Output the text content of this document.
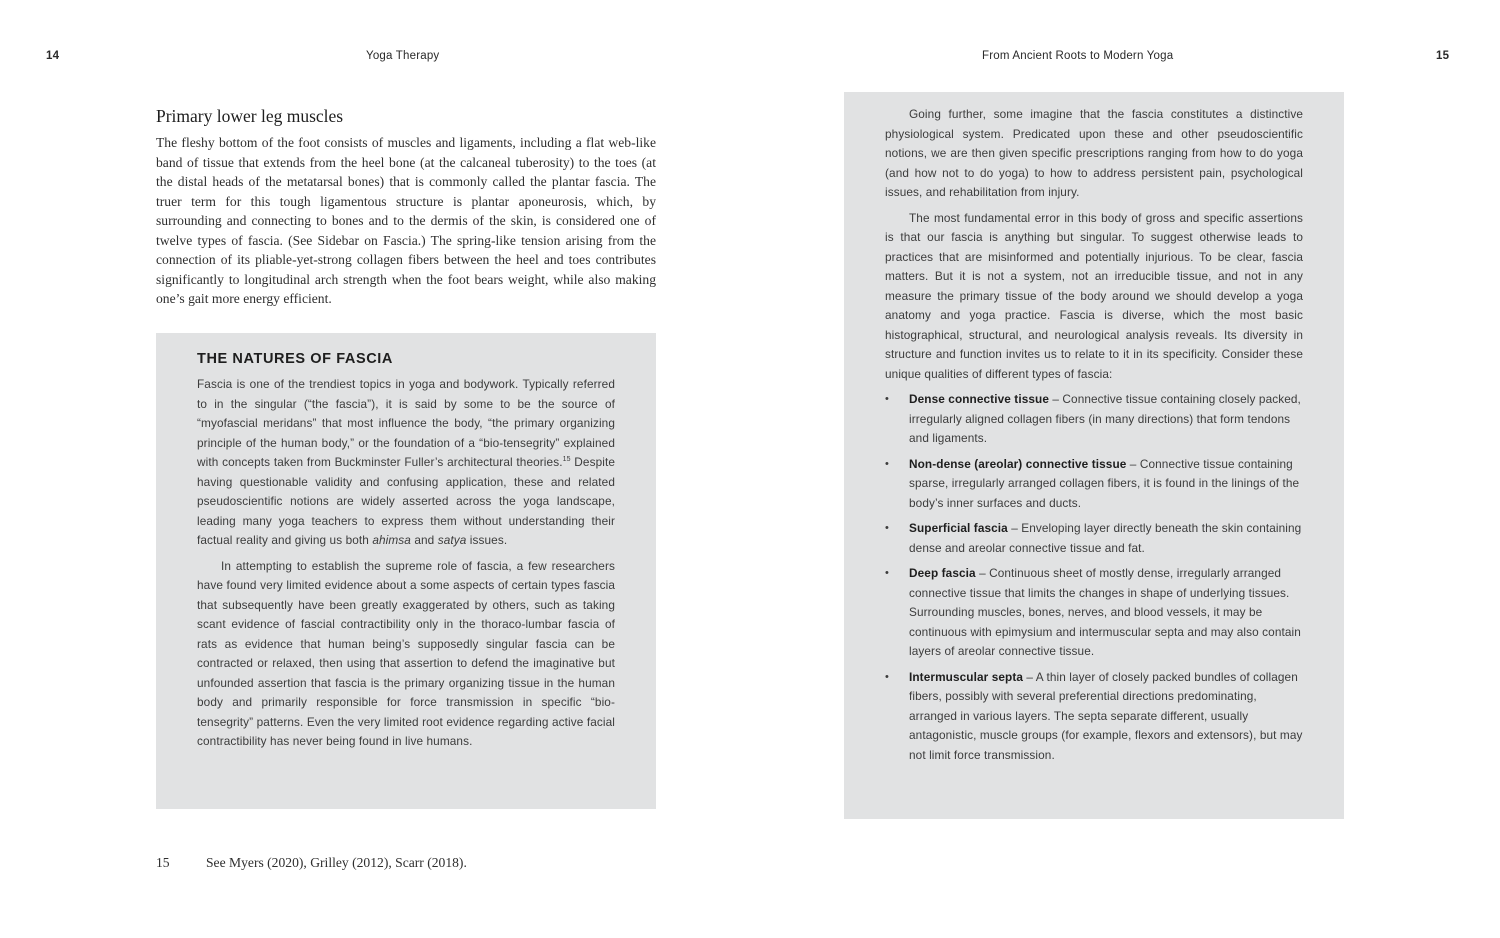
14	Yoga Therapy
Primary lower leg muscles

The fleshy bottom of the foot consists of muscles and ligaments, including a flat web-like band of tissue that extends from the heel bone (at the calcaneal tuberosity) to the toes (at the distal heads of the metatarsal bones) that is commonly called the plantar fascia. The truer term for this tough ligamentous structure is plantar aponeurosis, which, by surrounding and connecting to bones and to the dermis of the skin, is considered one of twelve types of fascia. (See Sidebar on Fascia.) The spring-like tension arising from the connection of its pliable-yet-strong collagen fibers between the heel and toes contributes significantly to longitudinal arch strength when the foot bears weight, while also making one’s gait more energy efficient.

THE NATURES OF FASCIA

Fascia is one of the trendiest topics in yoga and bodywork. Typically referred to in the singular (“the fascia”), it is said by some to be the source of “myofascial meridans” that most influence the body, “the primary organizing principle of the human body,” or the foundation of a “bio-tensegrity” explained with concepts taken from Buckminster Fuller’s architectural theories.$^{15}$ Despite having questionable validity and confusing application, these and related pseudoscientific notions are widely asserted across the yoga landscape, leading many yoga teachers to express them without understanding their factual reality and giving us both ahimsa and satya issues.

In attempting to establish the supreme role of fascia, a few researchers have found very limited evidence about a some aspects of certain types fascia that subsequently have been greatly exaggerated by others, such as taking scant evidence of fascial contractibility only in the thoraco-lumbar fascia of rats as evidence that human being’s supposedly singular fascia can be contracted or relaxed, then using that assertion to defend the imaginative but unfounded assertion that fascia is the primary organizing tissue in the human body and primarily responsible for force transmission in specific “bio-tensegrity” patterns. Even the very limited root evidence regarding active facial contractibility has never being found in live humans.

15	See Myers (2020), Grilley (2012), Scarr (2018).
From Ancient Roots to Modern Yoga	15

Going further, some imagine that the fascia constitutes a distinctive physiological system. Predicated upon these and other pseudoscientific notions, we are then given specific prescriptions ranging from how to do yoga (and how not to do yoga) to how to address persistent pain, psychological issues, and rehabilitation from injury.

The most fundamental error in this body of gross and specific assertions is that our fascia is anything but singular. To suggest otherwise leads to practices that are misinformed and potentially injurious. To be clear, fascia matters. But it is not a system, not an irreducible tissue, and not in any measure the primary tissue of the body around we should develop a yoga anatomy and yoga practice. Fascia is diverse, which the most basic histographical, structural, and neurological analysis reveals. Its diversity in structure and function invites us to relate to it in its specificity. Consider these unique qualities of different types of fascia:

•	Dense connective tissue – Connective tissue containing closely packed, irregularly aligned collagen fibers (in many directions) that form tendons and ligaments.
•	Non-dense (areolar) connective tissue – Connective tissue containing sparse, irregularly arranged collagen fibers, it is found in the linings of the body’s inner surfaces and ducts.
•	Superficial fascia – Enveloping layer directly beneath the skin containing dense and areolar connective tissue and fat.
•	Deep fascia – Continuous sheet of mostly dense, irregularly arranged connective tissue that limits the changes in shape of underlying tissues. Surrounding muscles, bones, nerves, and blood vessels, it may be continuous with epimysium and intermuscular septa and may also contain layers of areolar connective tissue.
•	Intermuscular septa – A thin layer of closely packed bundles of collagen fibers, possibly with several preferential directions predominating, arranged in various layers. The septa separate different, usually antagonistic, muscle groups (for example, flexors and extensors), but may not limit force transmission.
